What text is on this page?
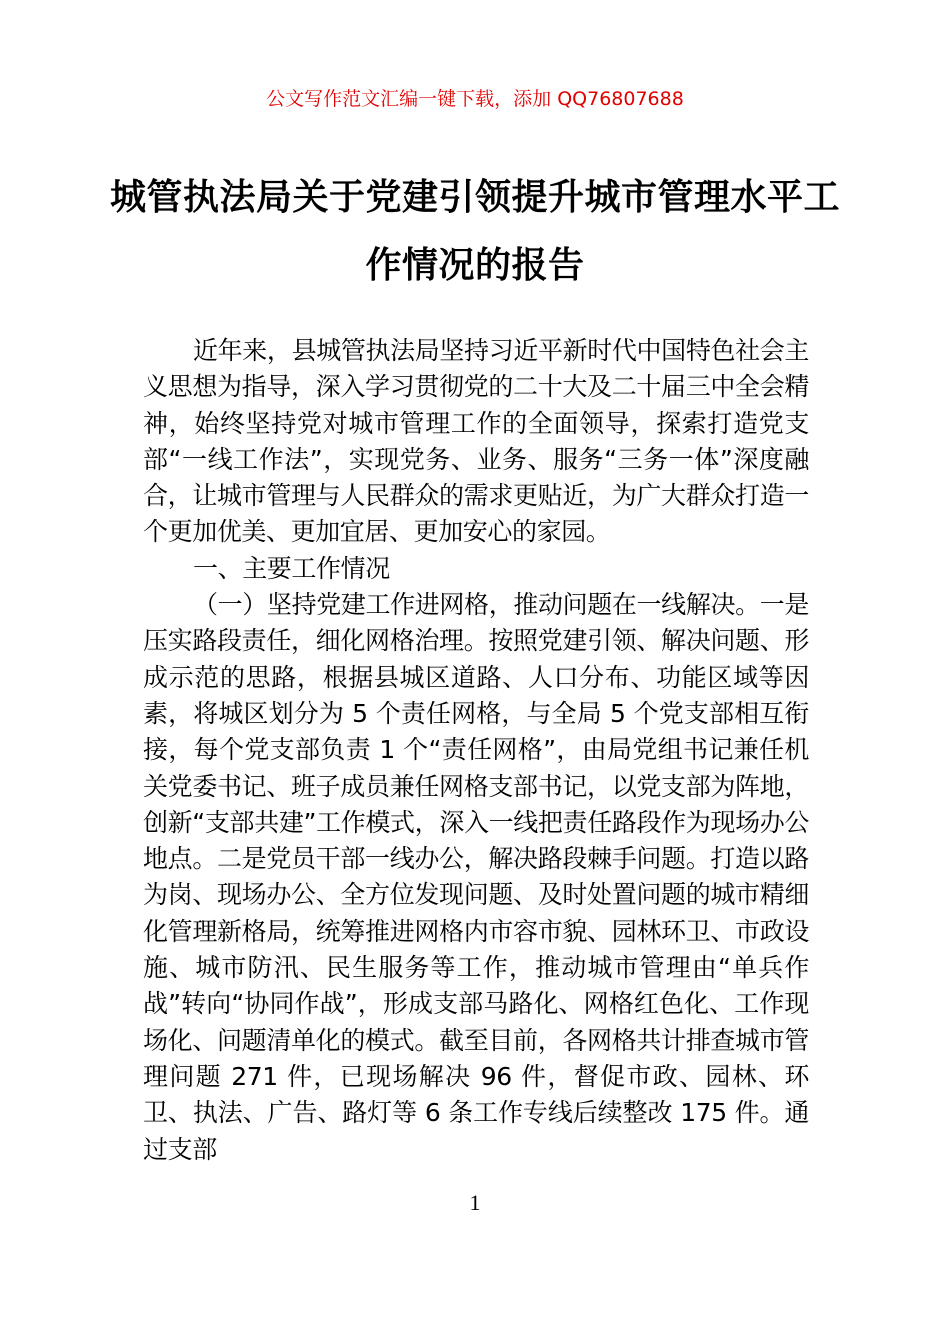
公文写作范文汇编一键下载，添加 QQ76807688
城管执法局关于党建引领提升城市管理水平工作情况的报告

近年来，县城管执法局坚持习近平新时代中国特色社会主义思想为指导，深入学习贯彻党的二十大及二十届三中全会精神，始终坚持党对城市管理工作的全面领导，探索打造党支部“一线工作法”，实现党务、业务、服务“三务一体”深度融合，让城市管理与人民群众的需求更贴近，为广大群众打造一个更加优美、更加宜居、更加安心的家园。

一、主要工作情况

（一）坚持党建工作进网格，推动问题在一线解决。一是压实路段责任，细化网格治理。按照党建引领、解决问题、形成示范的思路，根据县城区道路、人口分布、功能区域等因素，将城区划分为 5 个责任网格，与全局 5 个党支部相互衔接，每个党支部负责 1 个“责任网格”，由局党组书记兼任机关党委书记、班子成员兼任网格支部书记，以党支部为阵地，创新“支部共建”工作模式，深入一线把责任路段作为现场办公地点。二是党员干部一线办公，解决路段棘手问题。打造以路为岗、现场办公、全方位发现问题、及时处置问题的城市精细化管理新格局，统筹推进网格内市容市貌、园林环卫、市政设施、城市防汛、民生服务等工作，推动城市管理由“单兵作战”转向“协同作战”，形成支部马路化、网格红色化、工作现场化、问题清单化的模式。截至目前，各网格共计排查城市管理问题 271 件，已现场解决 96 件，督促市政、园林、环卫、执法、广告、路灯等 6 条工作专线后续整改 175 件。通过支部

1
